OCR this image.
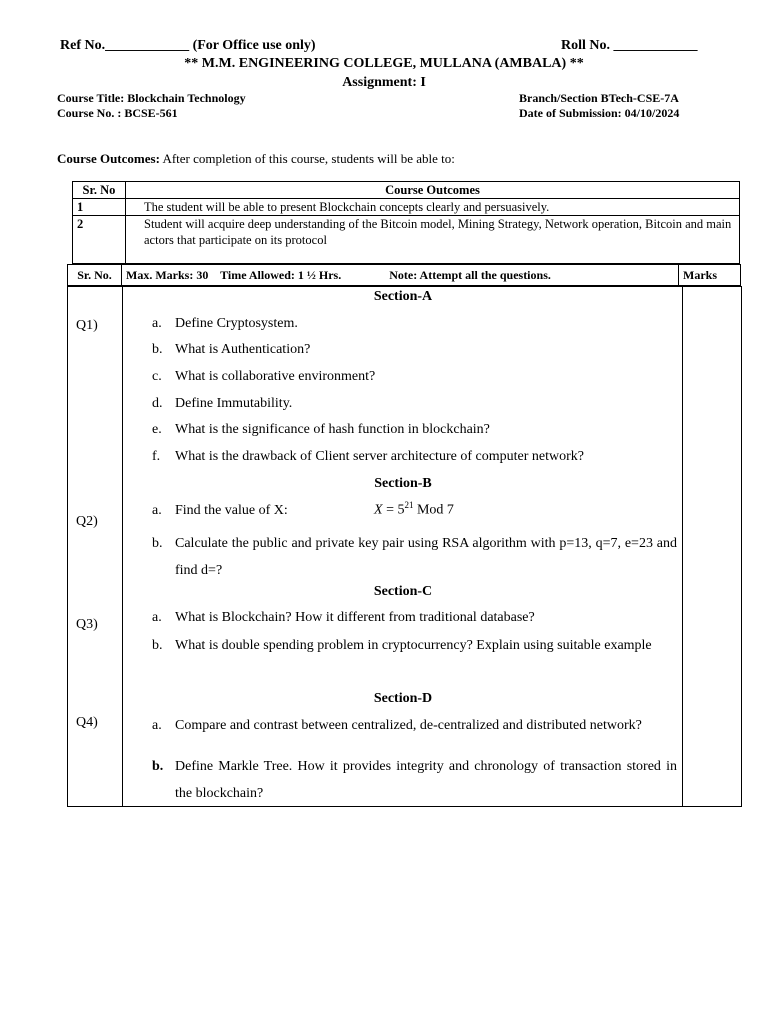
Ref No.____________ (For Office use only)	Roll No. ____________
** M.M. ENGINEERING COLLEGE, MULLANA (AMBALA) **
Assignment: I
Course Title: Blockchain Technology
Course No. : BCSE-561
Branch/Section BTech-CSE-7A
Date of Submission: 04/10/2024
Course Outcomes: After completion of this course, students will be able to:
Sr. No	Course Outcomes
1	The student will be able to present Blockchain concepts clearly and persuasively.
2	Student will acquire deep understanding of the Bitcoin model, Mining Strategy, Network operation, Bitcoin and main actors that participate on its protocol
Sr. No.	Max. Marks: 30    Time Allowed: 1 ½ Hrs.                Note: Attempt all the questions.	Marks
Section-A
Q1)	a. Define Cryptosystem.
b. What is Authentication?
c. What is collaborative environment?
d. Define Immutability.
e. What is the significance of hash function in blockchain?
f. What is the drawback of Client server architecture of computer network?
Section-B
Q2)
a. Find the value of X:	$X = 5^{21}$ Mod 7
b. Calculate the public and private key pair using RSA algorithm with p=13, q=7, e=23 and find d=?
Section-C
Q3)	a. What is Blockchain? How it different from traditional database?
b. What is double spending problem in cryptocurrency? Explain using suitable example
Section-D
Q4)	a. Compare and contrast between centralized, de-centralized and distributed network?
b. Define Markle Tree. How it provides integrity and chronology of transaction stored in the blockchain?
